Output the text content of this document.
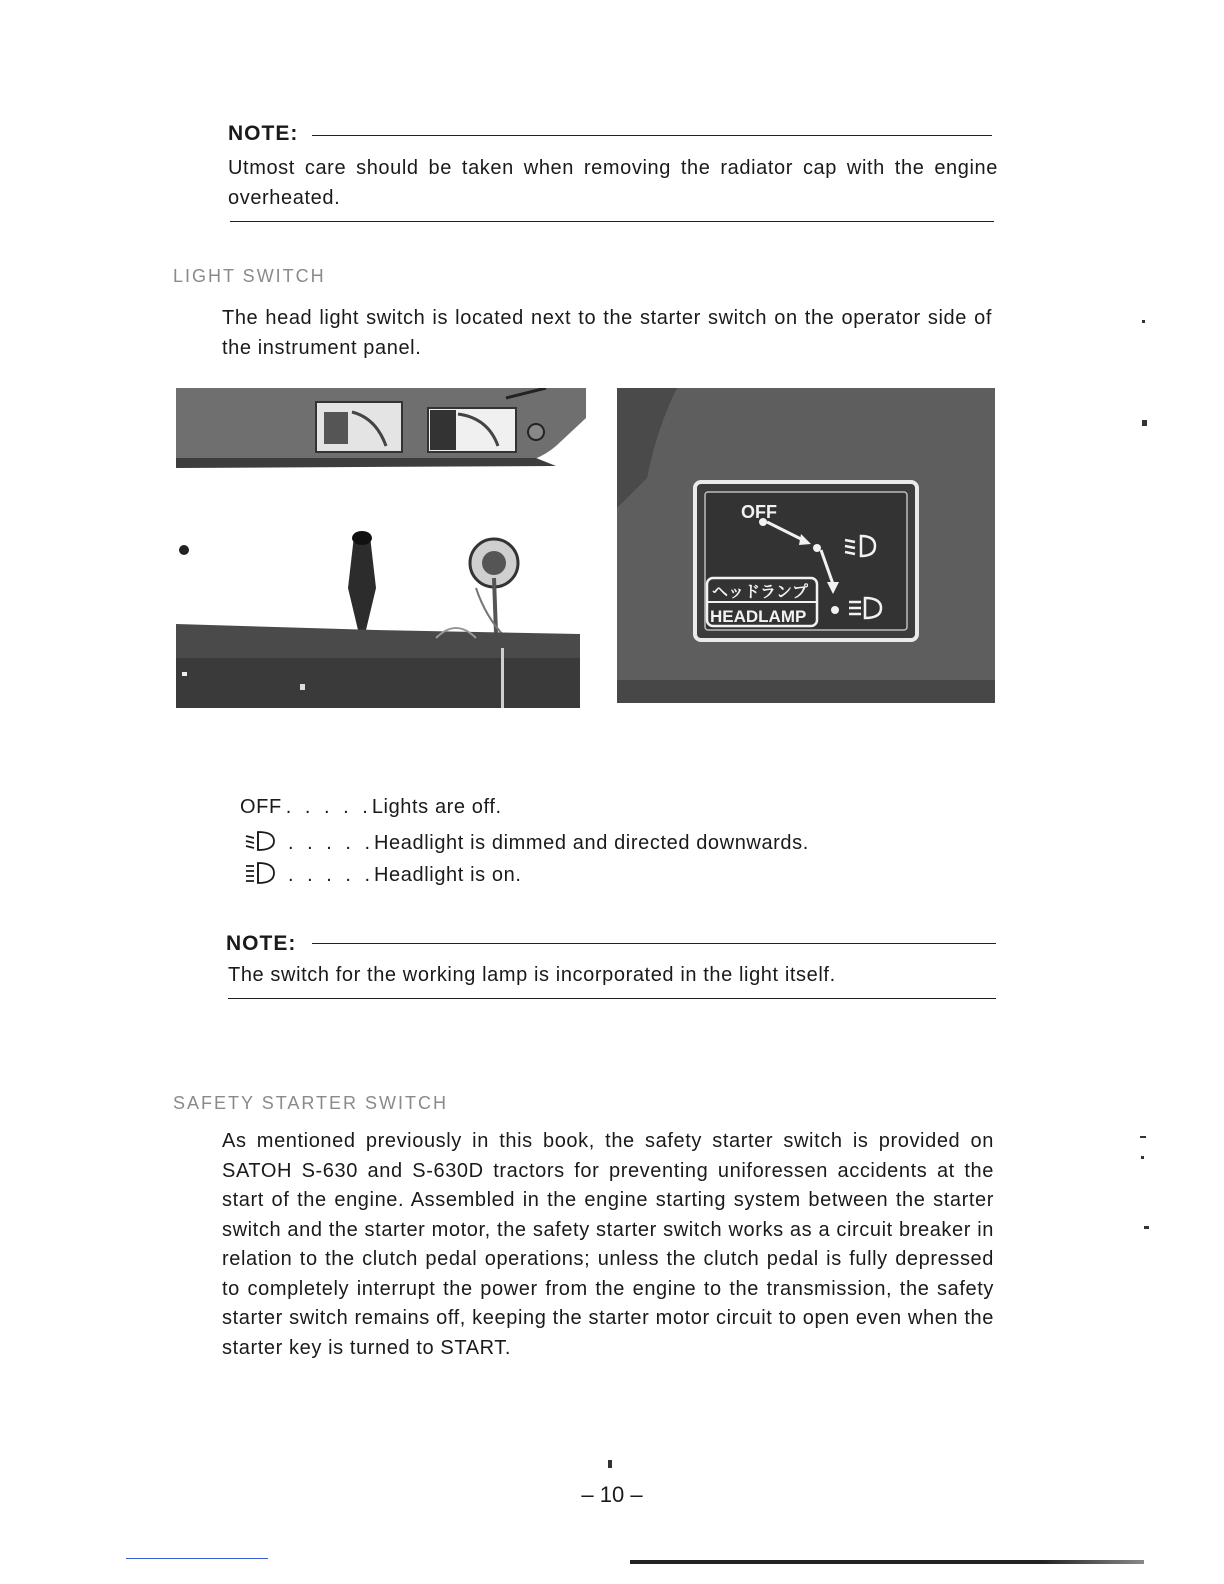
NOTE:
Utmost care should be taken when removing the radiator cap with the engine overheated.
LIGHT SWITCH
The head light switch is located next to the starter switch on the operator side of the instrument panel.
OFF
ヘッドランプ
HEADLAMP
OFF . . . . . Lights are off.
. . . . . Headlight is dimmed and directed downwards.
. . . . . Headlight is on.
NOTE:
The switch for the working lamp is incorporated in the light itself.
SAFETY STARTER SWITCH
As mentioned previously in this book, the safety starter switch is provided on SATOH S-630 and S-630D tractors for preventing uniforessen accidents at the start of the engine. Assembled in the engine starting system between the starter switch and the starter motor, the safety starter switch works as a circuit breaker in relation to the clutch pedal operations; unless the clutch pedal is fully depressed to completely interrupt the power from the engine to the transmission, the safety starter switch remains off, keeping the starter motor circuit to open even when the starter key is turned to START.
– 10 –
